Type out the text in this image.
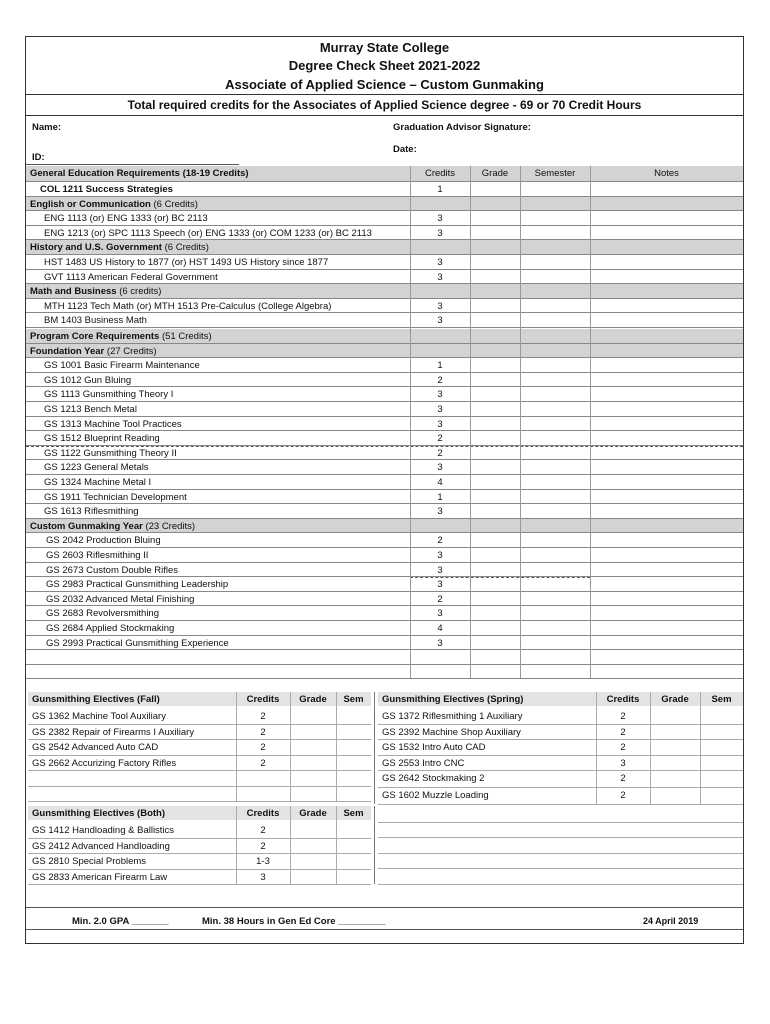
Murray State College
Degree Check Sheet 2021-2022
Associate of Applied Science – Custom Gunmaking
Total required credits for the Associates of Applied Science degree - 69 or 70 Credit Hours
Name:	Graduation Advisor Signature:
Date:
ID:
Min. 2.0 GPA _______	Min. 38 Hours in Gen Ed Core _________	24 April 2019
General Education Requirements (18-19 Credits)	Credits	Grade	Semester	Notes
COL 1211 Success Strategies	1
English or Communication (6 Credits)
ENG 1113 (or) ENG 1333 (or) BC 2113	3
ENG 1213 (or) SPC 1113 Speech (or) ENG 1333 (or) COM 1233 (or) BC 2113	3
History and U.S. Government (6 Credits)
HST 1483 US History to 1877 (or) HST 1493 US History since 1877	3
GVT 1113 American Federal Government	3
Math and Business (6 credits)
MTH 1123 Tech Math (or) MTH 1513 Pre-Calculus (College Algebra)	3
BM 1403 Business Math	3
Program Core Requirements (51 Credits)
Foundation Year (27 Credits)
GS 1001 Basic Firearm Maintenance	1
GS 1012 Gun Bluing	2
GS 1113 Gunsmithing Theory I	3
GS 1213 Bench Metal	3
GS 1313 Machine Tool Practices	3
GS 1512 Blueprint Reading	2
GS 1122 Gunsmithing Theory II	2
GS 1223 General Metals	3
GS 1324 Machine Metal I	4
GS 1911 Technician Development	1
GS 1613 Riflesmithing	3
Custom Gunmaking Year (23 Credits)
GS 2042 Production Bluing	2
GS 2603 Riflesmithing II	3
GS 2673 Custom Double Rifles	3
GS 2983 Practical Gunsmithing Leadership	3
GS 2032 Advanced Metal Finishing	2
GS 2683 Revolversmithing	3
GS 2684 Applied Stockmaking	4
GS 2993 Practical Gunsmithing Experience	3
Gunsmithing Electives (Fall)	Credits	Grade	Sem
GS 1362 Machine Tool Auxiliary	2
GS 2382 Repair of Firearms I Auxiliary	2
GS 2542 Advanced Auto CAD	2
GS 2662 Accurizing Factory Rifles	2
Gunsmithing Electives (Spring)	Credits	Grade	Sem
GS 1372 Riflesmithing 1 Auxiliary	2
GS 2392 Machine Shop Auxiliary	2
GS 1532 Intro Auto CAD	2
GS 2553 Intro CNC	3
GS 2642 Stockmaking 2	2
GS 1602 Muzzle Loading	2
Gunsmithing Electives (Both)	Credits	Grade	Sem
GS 1412 Handloading & Ballistics	2
GS 2412 Advanced Handloading	2
GS 2810 Special Problems	1-3
GS 2833 American Firearm Law	3
